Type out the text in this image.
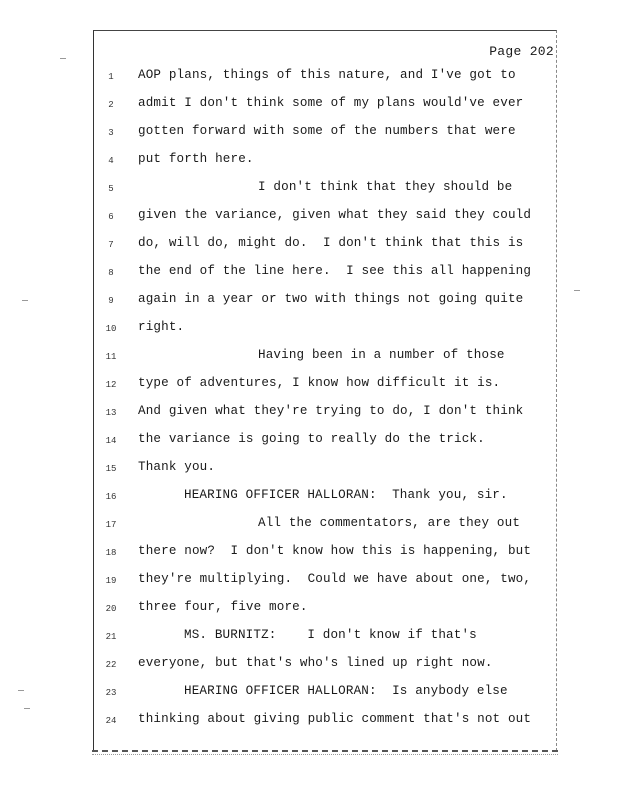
Page 202
1	AOP plans, things of this nature, and I've got to
2	admit I don't think some of my plans would've ever
3	gotten forward with some of the numbers that were
4	put forth here.
5	I don't think that they should be
6	given the variance, given what they said they could
7	do, will do, might do.  I don't think that this is
8	the end of the line here.  I see this all happening
9	again in a year or two with things not going quite
10	right.
11	Having been in a number of those
12	type of adventures, I know how difficult it is.
13	And given what they're trying to do, I don't think
14	the variance is going to really do the trick.
15	Thank you.
16	HEARING OFFICER HALLORAN:  Thank you, sir.
17	All the commentators, are they out
18	there now?  I don't know how this is happening, but
19	they're multiplying.  Could we have about one, two,
20	three four, five more.
21	MS. BURNITZ:    I don't know if that's
22	everyone, but that's who's lined up right now.
23	HEARING OFFICER HALLORAN:  Is anybody else
24	thinking about giving public comment that's not out
